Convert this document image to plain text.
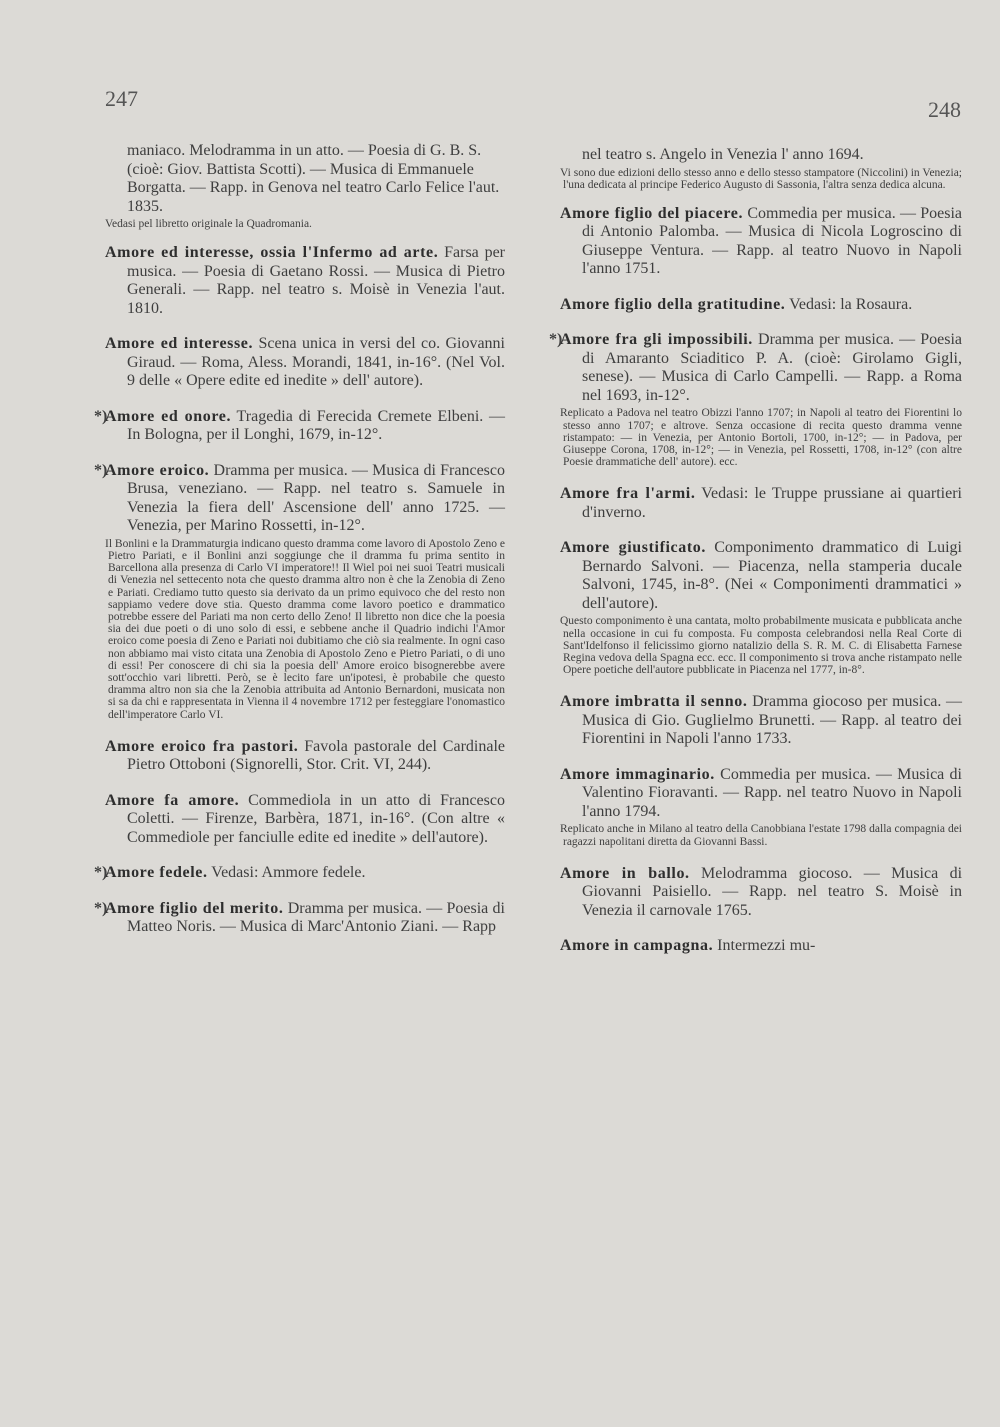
247	248
maniaco. Melodramma in un atto. — Poesia di G. B. S. (cioè: Giov. Battista Scotti). — Musica di Emmanuele Borgatta. — Rapp. in Genova nel teatro Carlo Felice l'aut. 1835.
Vedasi pel libretto originale la Quadromania.
Amore ed interesse, ossia l'Infermo ad arte. Farsa per musica. — Poesia di Gaetano Rossi. — Musica di Pietro Generali. — Rapp. nel teatro s. Moisè in Venezia l'aut. 1810.
Amore ed interesse. Scena unica in versi del co. Giovanni Giraud. — Roma, Aless. Morandi, 1841, in-16°. (Nel Vol. 9 delle « Opere edite ed inedite » dell' autore).
*)
Amore ed onore. Tragedia di Ferecida Cremete Elbeni. — In Bologna, per il Longhi, 1679, in-12°.
*)
Amore eroico. Dramma per musica. — Musica di Francesco Brusa, veneziano. — Rapp. nel teatro s. Samuele in Venezia la fiera dell' Ascensione dell' anno 1725. — Venezia, per Marino Rossetti, in-12°.
Il Bonlini e la Drammaturgia indicano questo dramma come lavoro di Apostolo Zeno e Pietro Pariati, e il Bonlini anzi soggiunge che il dramma fu prima sentito in Barcellona alla presenza di Carlo VI imperatore!! Il Wiel poi nei suoi Teatri musicali di Venezia nel settecento nota che questo dramma altro non è che la Zenobia di Zeno e Pariati. Crediamo tutto questo sia derivato da un primo equivoco che del resto non sappiamo vedere dove stia. Questo dramma come lavoro poetico e drammatico potrebbe essere del Pariati ma non certo dello Zeno! Il libretto non dice che la poesia sia dei due poeti o di uno solo di essi, e sebbene anche il Quadrio indichi l'Amor eroico come poesia di Zeno e Pariati noi dubitiamo che ciò sia realmente. In ogni caso non abbiamo mai visto citata una Zenobia di Apostolo Zeno e Pietro Pariati, o di uno di essi! Per conoscere di chi sia la poesia dell' Amore eroico bisognerebbe avere sott'occhio vari libretti. Però, se è lecito fare un'ipotesi, è probabile che questo dramma altro non sia che la Zenobia attribuita ad Antonio Bernardoni, musicata non si sa da chi e rappresentata in Vienna il 4 novembre 1712 per festeggiare l'onomastico dell'imperatore Carlo VI.
Amore eroico fra pastori. Favola pastorale del Cardinale Pietro Ottoboni (Signorelli, Stor. Crit. VI, 244).
Amore fa amore. Commediola in un atto di Francesco Coletti. — Firenze, Barbèra, 1871, in-16°. (Con altre « Commediole per fanciulle edite ed inedite » dell'autore).
*)
Amore fedele. Vedasi: Ammore fedele.
*)
Amore figlio del merito. Dramma per musica. — Poesia di Matteo Noris. — Musica di Marc'Antonio Ziani. — Rapp
nel teatro s. Angelo in Venezia l' anno 1694.
Vi sono due edizioni dello stesso anno e dello stesso stampatore (Niccolini) in Venezia; l'una dedicata al principe Federico Augusto di Sassonia, l'altra senza dedica alcuna.
Amore figlio del piacere. Commedia per musica. — Poesia di Antonio Palomba. — Musica di Nicola Logroscino di Giuseppe Ventura. — Rapp. al teatro Nuovo in Napoli l'anno 1751.
Amore figlio della gratitudine. Vedasi: la Rosaura.
*)
Amore fra gli impossibili. Dramma per musica. — Poesia di Amaranto Sciaditico P. A. (cioè: Girolamo Gigli, senese). — Musica di Carlo Campelli. — Rapp. a Roma nel 1693, in-12°.
Replicato a Padova nel teatro Obizzi l'anno 1707; in Napoli al teatro dei Fiorentini lo stesso anno 1707; e altrove. Senza occasione di recita questo dramma venne ristampato: — in Venezia, per Antonio Bortoli, 1700, in-12°; — in Padova, per Giuseppe Corona, 1708, in-12°; — in Venezia, pel Rossetti, 1708, in-12° (con altre Poesie drammatiche dell' autore). ecc.
Amore fra l'armi. Vedasi: le Truppe prussiane ai quartieri d'inverno.
Amore giustificato. Componimento drammatico di Luigi Bernardo Salvoni. — Piacenza, nella stamperia ducale Salvoni, 1745, in-8°. (Nei « Componimenti drammatici » dell'autore).
Questo componimento è una cantata, molto probabilmente musicata e pubblicata anche nella occasione in cui fu composta. Fu composta celebrandosi nella Real Corte di Sant'Idelfonso il felicissimo giorno natalizio della S. R. M. C. di Elisabetta Farnese Regina vedova della Spagna ecc. ecc. Il componimento si trova anche ristampato nelle Opere poetiche dell'autore pubblicate in Piacenza nel 1777, in-8°.
Amore imbratta il senno. Dramma giocoso per musica. — Musica di Gio. Guglielmo Brunetti. — Rapp. al teatro dei Fiorentini in Napoli l'anno 1733.
Amore immaginario. Commedia per musica. — Musica di Valentino Fioravanti. — Rapp. nel teatro Nuovo in Napoli l'anno 1794.
Replicato anche in Milano al teatro della Canobbiana l'estate 1798 dalla compagnia dei ragazzi napolitani diretta da Giovanni Bassi.
Amore in ballo. Melodramma giocoso. — Musica di Giovanni Paisiello. — Rapp. nel teatro S. Moisè in Venezia il carnovale 1765.
Amore in campagna. Intermezzi mu-
